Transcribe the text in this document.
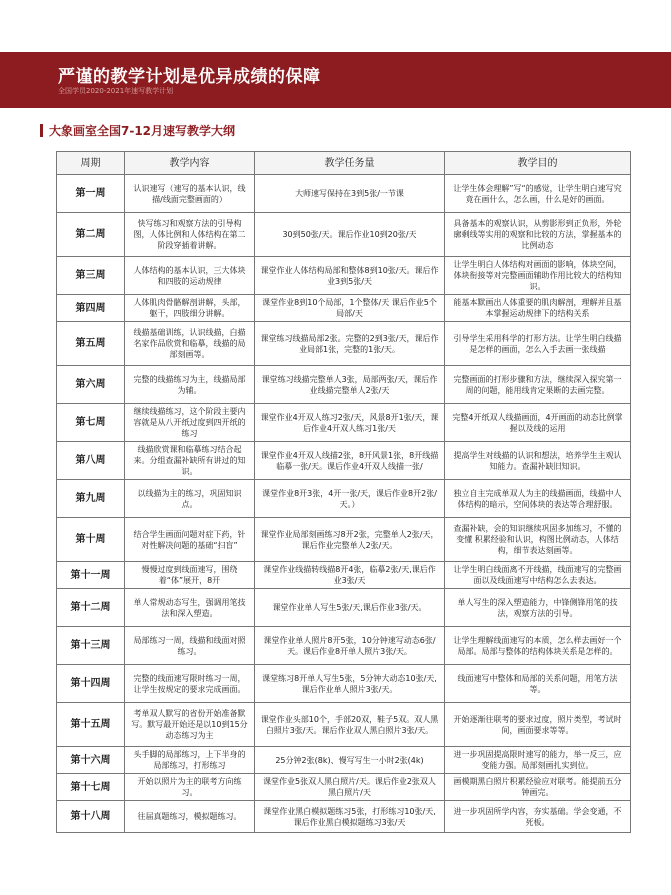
严谨的教学计划是优异成绩的保障
全国学员2020-2021年速写教学计划
大象画室全国7-12月速写教学大纲
周期	教学内容	教学任务量	教学目的
第一周	认识速写（速写的基本认识，线描/线面完整画面的）	大师速写保持在3到5张/一节课	让学生体会理解”写“的感觉，让学生明白速写究竟在画什么，怎么画，什么是好的画面。
第二周	快写练习和观察方法的引导构图，人体比例和人体结构在第二阶段穿插着讲解。	30到50张/天。课后作业10到20张/天	具备基本的观察认识，从剪影形到正负形，外轮廓剩线等实用的观察和比较的方法，掌握基本的比例动态
第三周	人体结构的基本认识，三大体块和四肢的运动规律	课堂作业人体结构局部和整体8到10张/天。课后作业3到5张/天	让学生明白人体结构对画面的影响，体块空间，体块衔接等对完整画面辅助作用比较大的结构知识。
第四周	人体肌肉骨骼解剖讲解，头部，躯干，四肢细分讲解。	课堂作业8到10个局部，1个整体/天 课后作业5个局部/天	能基本默画出人体重要的肌肉解剖，理解并且基本掌握运动规律下的结构关系
第五周	线描基础训练，认识线描，白描名家作品欣赏和临摹，线描的局部刻画等。	课堂练习线描局部2张。完整的2到3张/天，课后作业局部1张，完整的1张/天。	引导学生采用科学的打形方法。让学生明白线描是怎样的画面，怎么入手去画一张线描
第六周	完整的线描练习为主，线描局部为辅。	课堂练习线描完整单人3张，局部两张/天，课后作业线描完整单人2张/天	完整画面的打形步骤和方法，继续深入探究第一周的问题，能用线肯定果断的去画完整。
第七周	继续线描练习，这个阶段主要内容就是从八开纸过度到四开纸的练习	课堂作业4开双人练习2张/天，风景8开1张/天，课后作业4开双人练习1张/天	完整4开纸双人线描画面，4开画面的动态比例掌握以及线的运用
第八周	线描欣赏课和临摹练习结合起来。分组查漏补缺所有讲过的知识。	课堂作业4开双人线描2张，8开风景1张，8开线描临摹一张/天。课后作业4开双人线描一张/	提高学生对线描的认识和想法，培养学生主观认知能力。查漏补缺旧知识。
第九周	以线描为主的练习，巩固知识点。	课堂作业8开3张，4开一张/天，课后作业8开2张/天。）	独立自主完成单双人为主的线描画面，线描中人体结构的暗示，空间体块的表达等合理舒服。
第十周	结合学生画面问题对症下药，针对性解决问题的基础“扫盲”	课堂作业局部刻画练习8开2张，完整单人2张/天，课后作业完整单人2张/天。	查漏补缺，会的知识继续巩固多加练习，不懂的变懂 积累经验和认识，构图比例动态，人体结构，细节表达刻画等。
第十一周	慢慢过度到线面速写，围绕着“体”展开，8开	课堂作业线描转线描8开4张，临摹2张/天,课后作业3张/天	让学生明白线面离不开线描，线面速写的完整画面以及线面速写中结构怎么去表达。
第十二周	单人常规动态写生，强调用笔技法和深入塑造。	课堂作业单人写生5张/天,课后作业3张/天。	单人写生的深入塑造能力，中锋侧锋用笔的技法，观察方法的引导。
第十三周	局部练习一周，线描和线面对照练习。	课堂作业单人照片8开5张，10分钟速写动态6张/天。课后作业8开单人照片3张/天。	让学生理解线面速写的本质，怎么样去画好一个局部。局部与整体的结构体块关系是怎样的。
第十四周	完整的线面速写限时练习一周，让学生按规定的要求完成画面。	课堂练习8开单人写生5张，5分钟大动态10张/天,课后作业单人照片3张/天。	线面速写中整体和局部的关系问题，用笔方法等。
第十五周	考单双人默写的省份开始准备默写。默写最开始还是以10到15分动态练习为主	课堂作业头部10个，手部20双，鞋子5双。双人黑白照片3张/天。课后作业双人黑白照片3张/天。	开始逐渐往联考的要求过度，照片类型，考试时间，画面要求等等。
第十六周	头手脚的局部练习，上下半身的局部练习，打形练习	25分钟2张(8k)、慢写写生一小时2张(4k)	进一步巩固提高限时速写的能力，举一反三，应变能力强。局部刻画扎实到位。
第十七周	开始以照片为主的联考方向练习。	课堂作业5张双人黑白照片/天。课后作业2张双人黑白照片/天	画模期黑白照片积累经验应对联考。能提前五分钟画完。
第十八周	往届真题练习，模拟题练习。	课堂作业黑白模拟题练习5张，打形练习10张/天,课后作业黑白模拟题练习3张/天	进一步巩固所学内容，夯实基础。学会变通，不死板。
